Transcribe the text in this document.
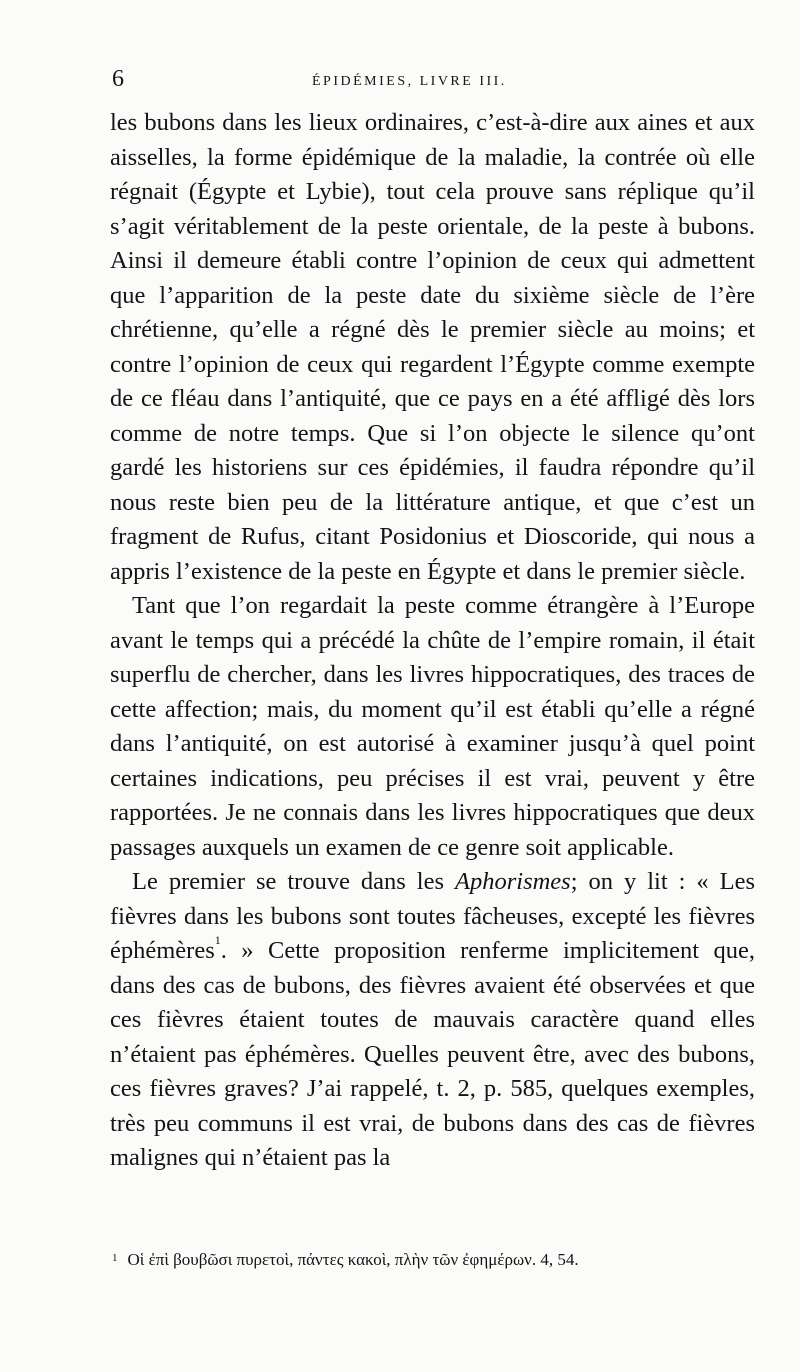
6	ÉPIDÉMIES, LIVRE III.

les bubons dans les lieux ordinaires, c’est-à-dire aux aines et aux aisselles, la forme épidémique de la maladie, la contrée où elle régnait (Égypte et Lybie), tout cela prouve sans réplique qu’il s’agit véritablement de la peste orientale, de la peste à bubons. Ainsi il demeure établi contre l’opinion de ceux qui admettent que l’apparition de la peste date du sixième siècle de l’ère chrétienne, qu’elle a régné dès le premier siècle au moins; et contre l’opinion de ceux qui regardent l’Égypte comme exempte de ce fléau dans l’antiquité, que ce pays en a été affligé dès lors comme de notre temps. Que si l’on objecte le silence qu’ont gardé les historiens sur ces épidémies, il faudra répondre qu’il nous reste bien peu de la littérature antique, et que c’est un fragment de Rufus, citant Posidonius et Dioscoride, qui nous a appris l’existence de la peste en Égypte et dans le premier siècle.

Tant que l’on regardait la peste comme étrangère à l’Europe avant le temps qui a précédé la chûte de l’empire romain, il était superflu de chercher, dans les livres hippocratiques, des traces de cette affection; mais, du moment qu’il est établi qu’elle a régné dans l’antiquité, on est autorisé à examiner jusqu’à quel point certaines indications, peu précises il est vrai, peuvent y être rapportées. Je ne connais dans les livres hippocratiques que deux passages auxquels un examen de ce genre soit applicable.

Le premier se trouve dans les Aphorismes; on y lit : « Les fièvres dans les bubons sont toutes fâcheuses, excepté les fièvres éphémères$^1$. » Cette proposition renferme implicitement que, dans des cas de bubons, des fièvres avaient été observées et que ces fièvres étaient toutes de mauvais caractère quand elles n’étaient pas éphémères. Quelles peuvent être, avec des bubons, ces fièvres graves? J’ai rappelé, t. 2, p. 585, quelques exemples, très peu communs il est vrai, de bubons dans des cas de fièvres malignes qui n’étaient pas la

$^1$ Οἱ ἐπὶ βουβῶσι πυρετοὶ, πάντες κακοὶ, πλὴν τῶν ἐφημέρων. 4, 54.
